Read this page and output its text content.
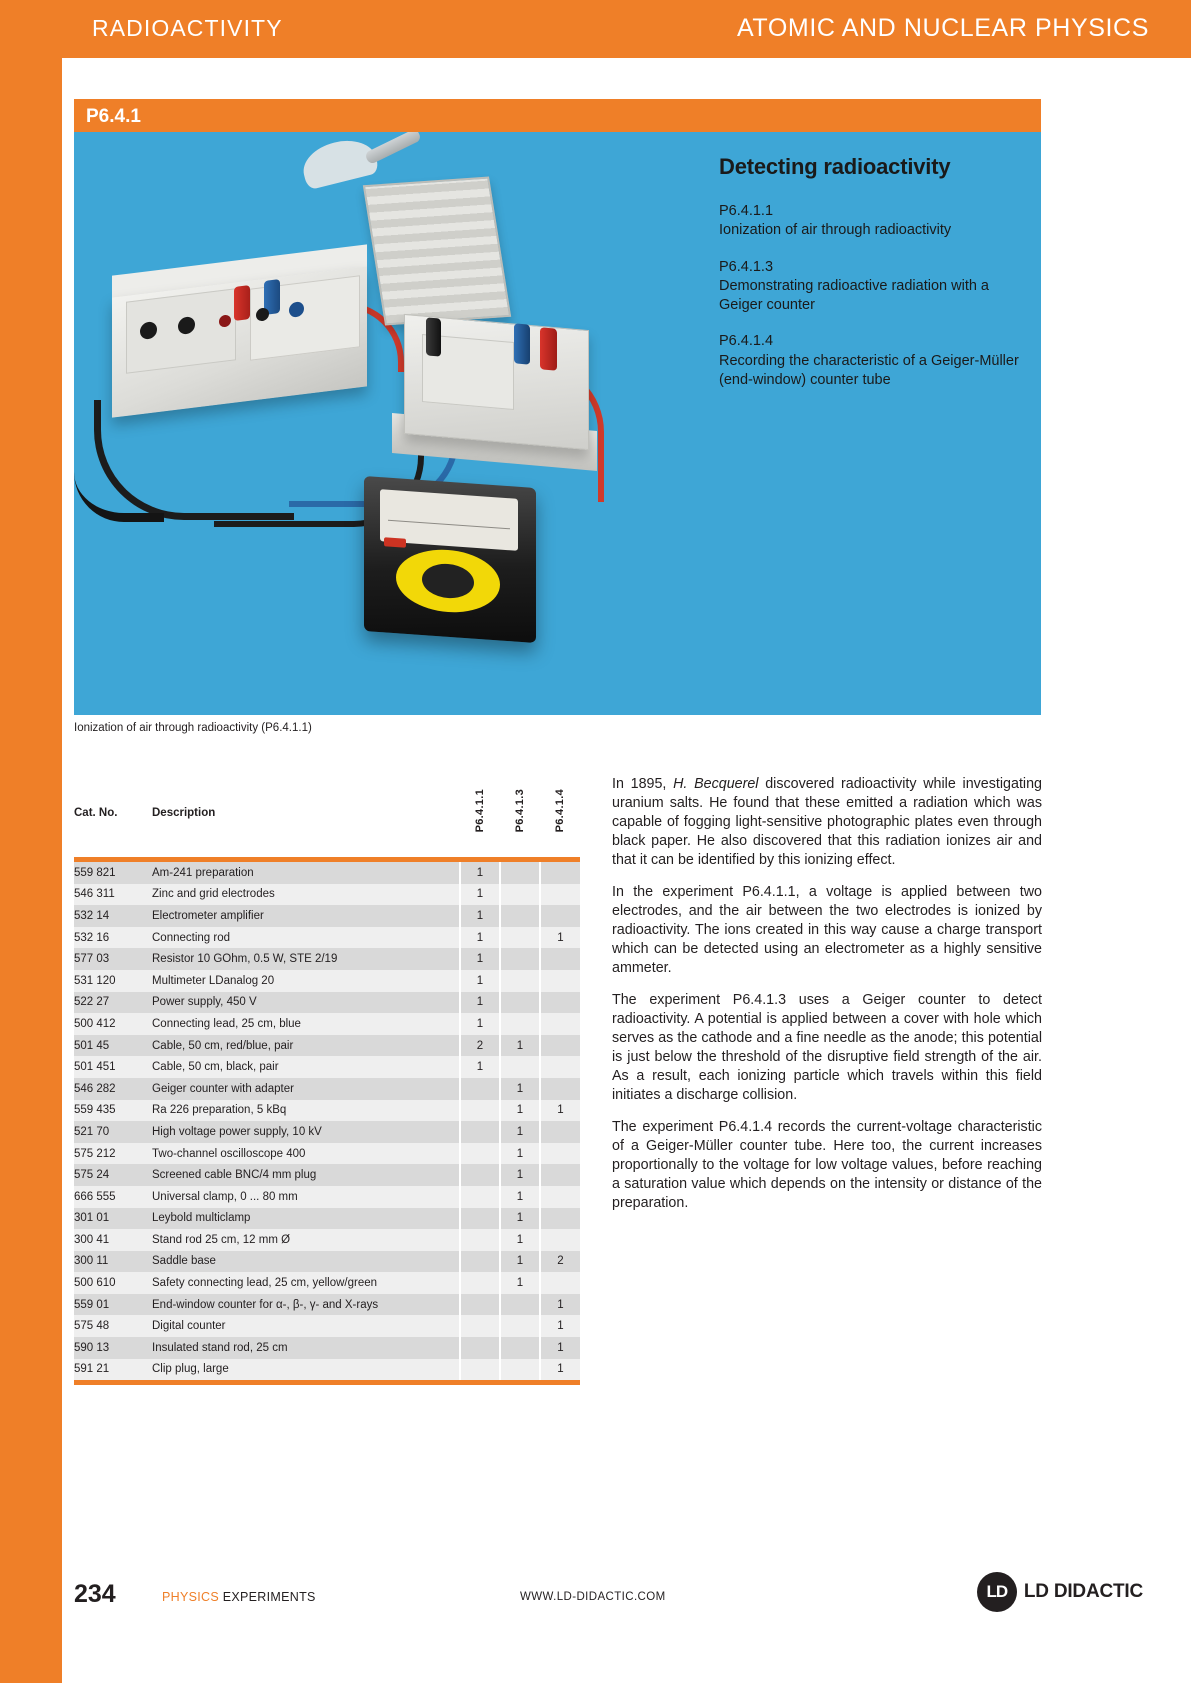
RADIOACTIVITY	ATOMIC AND NUCLEAR PHYSICS
P6.4.1
Detecting radioactivity
P6.4.1.1
Ionization of air through radioactivity
P6.4.1.3
Demonstrating radioactive radiation with a Geiger counter
P6.4.1.4
Recording the characteristic of a Geiger-Müller (end-window) counter tube
Ionization of air through radioactivity (P6.4.1.1)

Cat. No.	Description	P6.4.1.1	P6.4.1.3	P6.4.1.4
559 821	Am-241 preparation	1		
546 311	Zinc and grid electrodes	1		
532 14	Electrometer amplifier	1		
532 16	Connecting rod	1		1
577 03	Resistor 10 GOhm, 0.5 W, STE 2/19	1		
531 120	Multimeter LDanalog 20	1		
522 27	Power supply, 450 V	1		
500 412	Connecting lead, 25 cm, blue	1		
501 45	Cable, 50 cm, red/blue, pair	2	1	
501 451	Cable, 50 cm, black, pair	1		
546 282	Geiger counter with adapter		1	
559 435	Ra 226 preparation, 5 kBq		1	1
521 70	High voltage power supply, 10 kV		1	
575 212	Two-channel oscilloscope 400		1	
575 24	Screened cable BNC/4 mm plug		1	
666 555	Universal clamp, 0 ... 80 mm		1	
301 01	Leybold multiclamp		1	
300 41	Stand rod 25 cm, 12 mm Ø		1	
300 11	Saddle base		1	2
500 610	Safety connecting lead, 25 cm, yellow/green		1	
559 01	End-window counter for α-, β-, γ- and X-rays			1
575 48	Digital counter			1
590 13	Insulated stand rod, 25 cm			1
591 21	Clip plug, large			1

In 1895, H. Becquerel discovered radioactivity while investigating uranium salts. He found that these emitted a radiation which was capable of fogging light-sensitive photographic plates even through black paper. He also discovered that this radiation ionizes air and that it can be identified by this ionizing effect.

In the experiment P6.4.1.1, a voltage is applied between two electrodes, and the air between the two electrodes is ionized by radioactivity. The ions created in this way cause a charge transport which can be detected using an electrometer as a highly sensitive ammeter.

The experiment P6.4.1.3 uses a Geiger counter to detect radioactivity. A potential is applied between a cover with hole which serves as the cathode and a fine needle as the anode; this potential is just below the threshold of the disruptive field strength of the air. As a result, each ionizing particle which travels within this field initiates a discharge collision.

The experiment P6.4.1.4 records the current-voltage characteristic of a Geiger-Müller counter tube. Here too, the current increases proportionally to the voltage for low voltage values, before reaching a saturation value which depends on the intensity or distance of the preparation.

234	PHYSICS EXPERIMENTS	WWW.LD-DIDACTIC.COM	LD LD DIDACTIC
